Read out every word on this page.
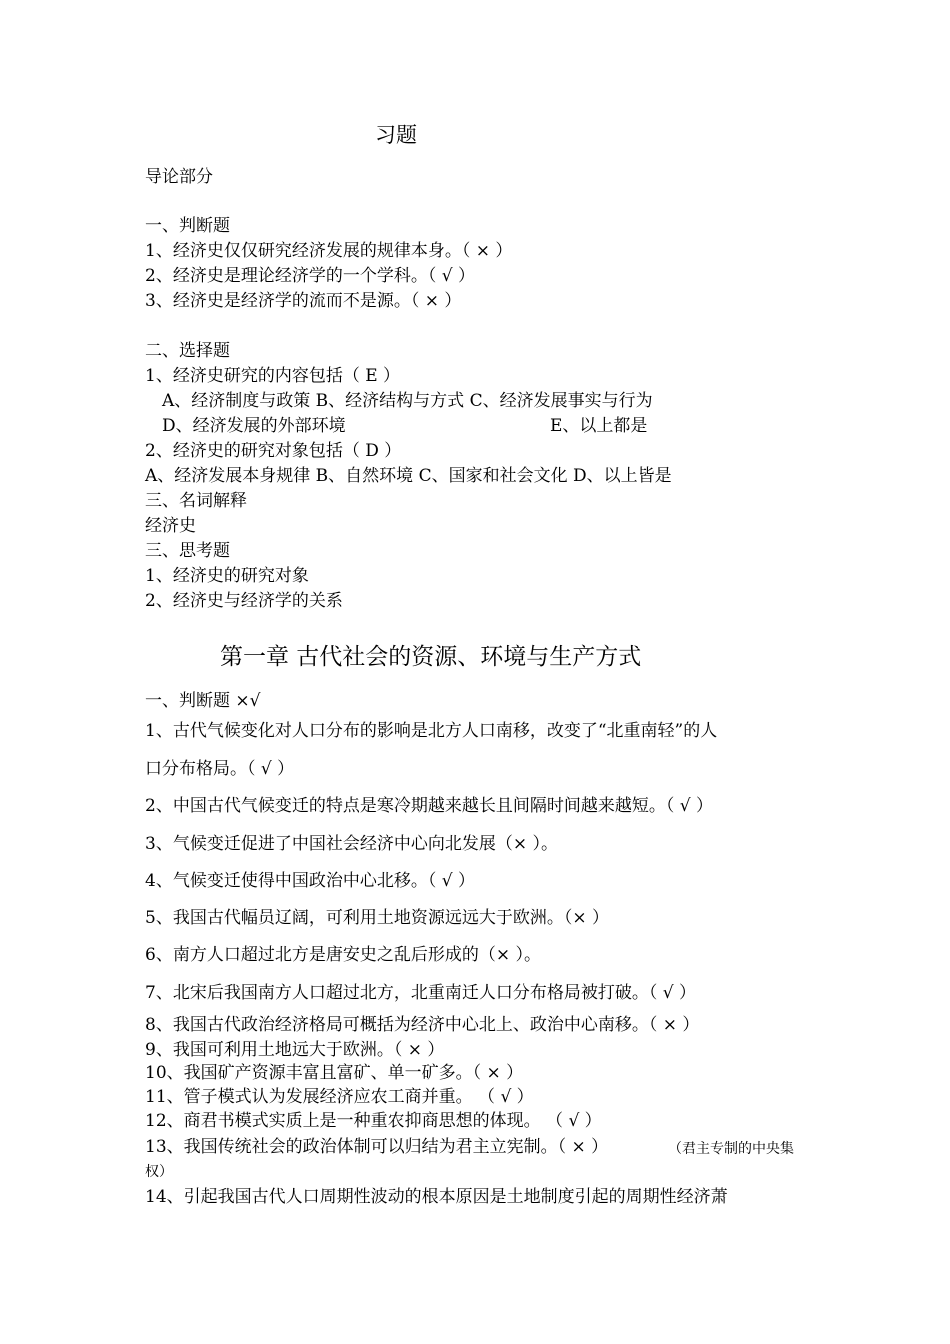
习题
导论部分
一、判断题
1、经济史仅仅研究经济发展的规律本身。（ × ）
2、经济史是理论经济学的一个学科。（ √ ）
3、经济史是经济学的流而不是源。（ × ）
二、选择题
1、经济史研究的内容包括（ E ）
A、经济制度与政策 B、经济结构与方式 C、经济发展事实与行为
D、经济发展的外部环境	E、以上都是
2、经济史的研究对象包括（ D ）
A、经济发展本身规律 B、自然环境 C、国家和社会文化 D、以上皆是
三、名词解释
经济史
三、思考题
1、经济史的研究对象
2、经济史与经济学的关系
第一章 古代社会的资源、环境与生产方式
一、判断题 ×√
1、古代气候变化对人口分布的影响是北方人口南移，改变了“北重南轻”的人
口分布格局。（ √ ）
2、中国古代气候变迁的特点是寒冷期越来越长且间隔时间越来越短。（ √ ）
3、气候变迁促进了中国社会经济中心向北发展（× ）。
4、气候变迁使得中国政治中心北移。（ √ ）
5、我国古代幅员辽阔，可利用土地资源远远大于欧洲。（× ）
6、南方人口超过北方是唐安史之乱后形成的（× ）。
7、北宋后我国南方人口超过北方，北重南迁人口分布格局被打破。（ √ ）
8、我国古代政治经济格局可概括为经济中心北上、政治中心南移。（ × ）
9、我国可利用土地远大于欧洲。（ × ）
10、我国矿产资源丰富且富矿、单一矿多。（ × ）
11、管子模式认为发展经济应农工商并重。 （ √ ）
12、商君书模式实质上是一种重农抑商思想的体现。 （ √ ）
13、我国传统社会的政治体制可以归结为君主立宪制。（ × ）	（君主专制的中央集
权）
14、引起我国古代人口周期性波动的根本原因是土地制度引起的周期性经济萧
